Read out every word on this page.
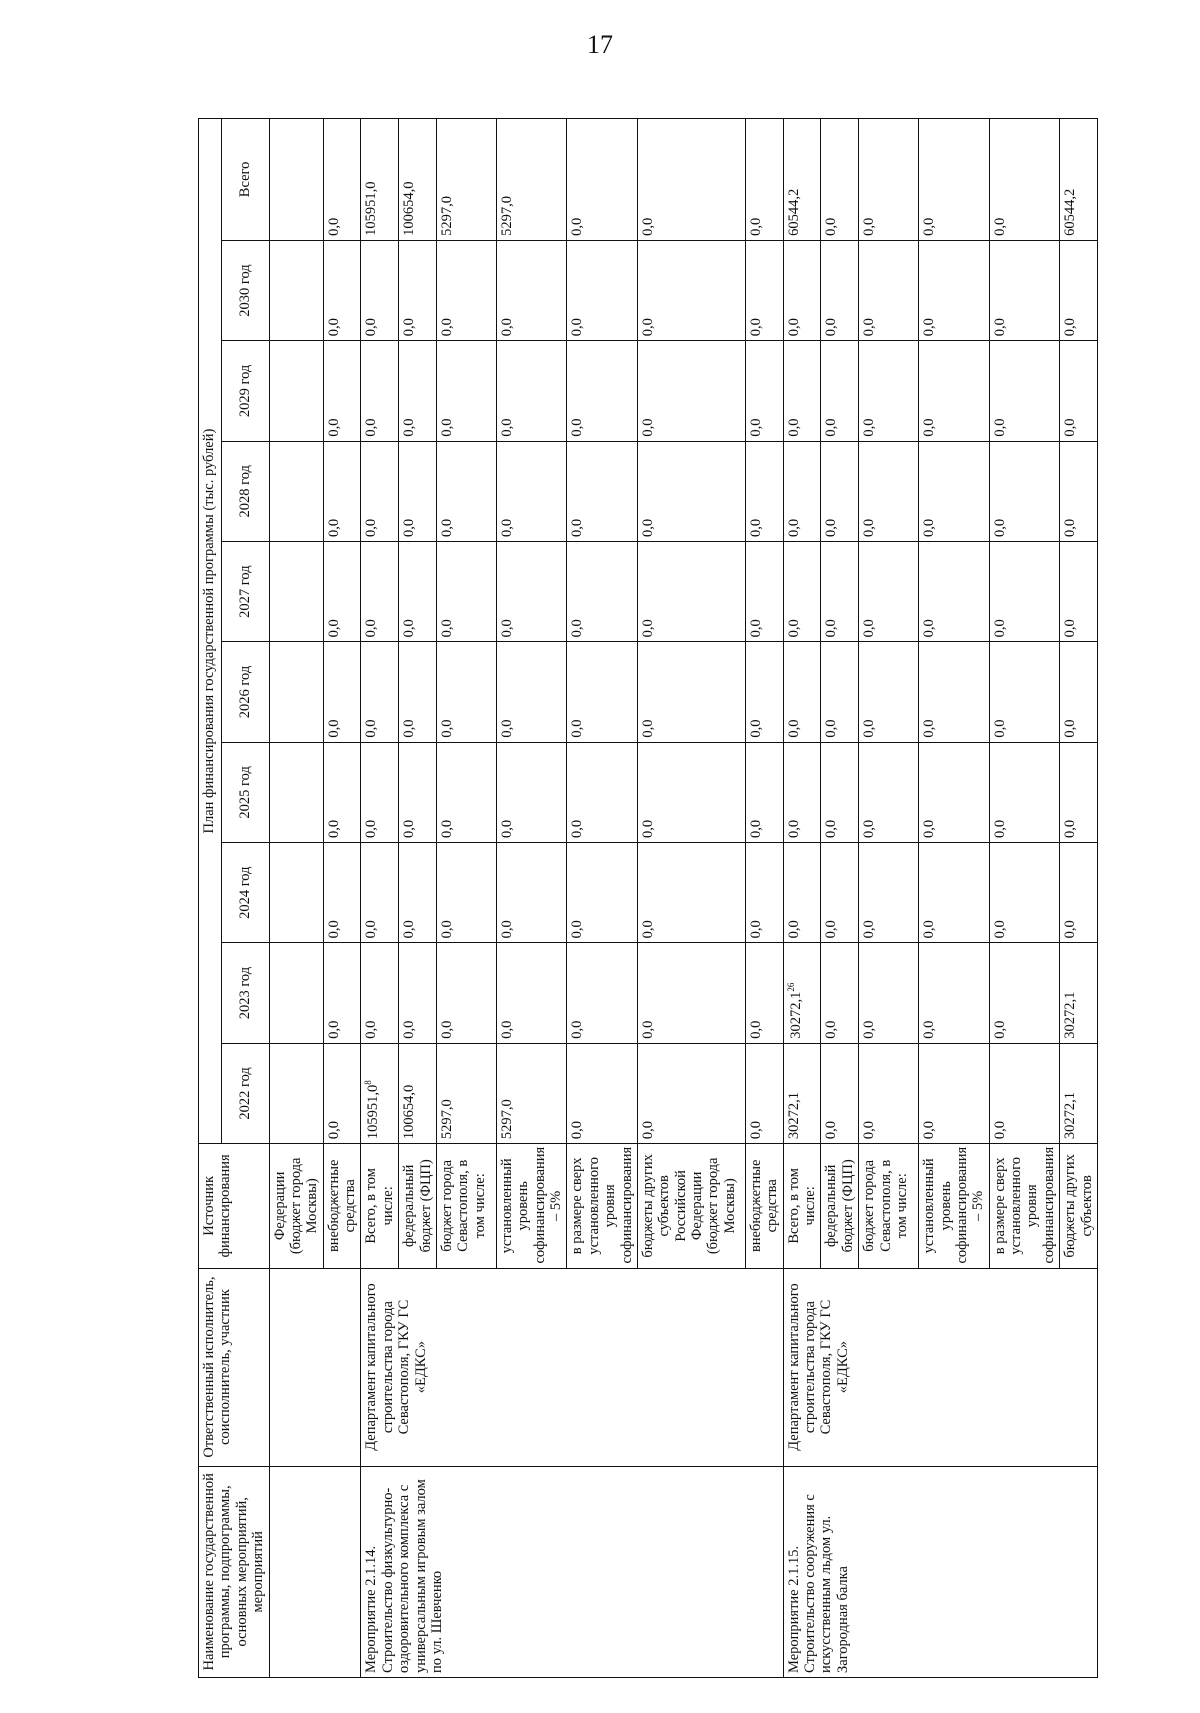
17
Наименование государственной программы, подпрограммы, основных мероприятий, мероприятий	Ответственный исполнитель, соисполнитель, участник	Источник финансирования	План финансирования государственной программы (тыс. рублей)									
			2022 год	2023 год	2024 год	2025 год	2026 год	2027 год	2028 год	2029 год	2030 год	Всего
		Федерации (бюджет города Москвы)										
		внебюджетные средства	0,0	0,0	0,0	0,0	0,0	0,0	0,0	0,0	0,0	0,0
Мероприятие 2.1.14. Строительство физкультурно-оздоровительного комплекса с универсальным игровым залом по ул. Шевченко	Департамент капитального строительства города Севастополя, ГКУ ГС «ЕДКС»	Всего, в том числе:	105951,0$^8$	0,0	0,0	0,0	0,0	0,0	0,0	0,0	0,0	105951,0
		федеральный бюджет (ФЦП)	100654,0	0,0	0,0	0,0	0,0	0,0	0,0	0,0	0,0	100654,0
		бюджет города Севастополя, в том числе:	5297,0	0,0	0,0	0,0	0,0	0,0	0,0	0,0	0,0	5297,0
		установленный уровень софинансирования – 5%	5297,0	0,0	0,0	0,0	0,0	0,0	0,0	0,0	0,0	5297,0
		в размере сверх установленного уровня софинансирования	0,0	0,0	0,0	0,0	0,0	0,0	0,0	0,0	0,0	0,0
		бюджеты других субъектов Российской Федерации (бюджет города Москвы)	0,0	0,0	0,0	0,0	0,0	0,0	0,0	0,0	0,0	0,0
		внебюджетные средства	0,0	0,0	0,0	0,0	0,0	0,0	0,0	0,0	0,0	0,0
Мероприятие 2.1.15. Строительство сооружения с искусственным льдом ул. Загородная балка	Департамент капитального строительства города Севастополя, ГКУ ГС «ЕДКС»	Всего, в том числе:	30272,1	30272,1$^{26}$	0,0	0,0	0,0	0,0	0,0	0,0	0,0	60544,2
		федеральный бюджет (ФЦП)	0,0	0,0	0,0	0,0	0,0	0,0	0,0	0,0	0,0	0,0
		бюджет города Севастополя, в том числе:	0,0	0,0	0,0	0,0	0,0	0,0	0,0	0,0	0,0	0,0
		установленный уровень софинансирования – 5%	0,0	0,0	0,0	0,0	0,0	0,0	0,0	0,0	0,0	0,0
		в размере сверх установленного уровня софинансирования	0,0	0,0	0,0	0,0	0,0	0,0	0,0	0,0	0,0	0,0
		бюджеты других субъектов	30272,1	30272,1	0,0	0,0	0,0	0,0	0,0	0,0	0,0	60544,2
